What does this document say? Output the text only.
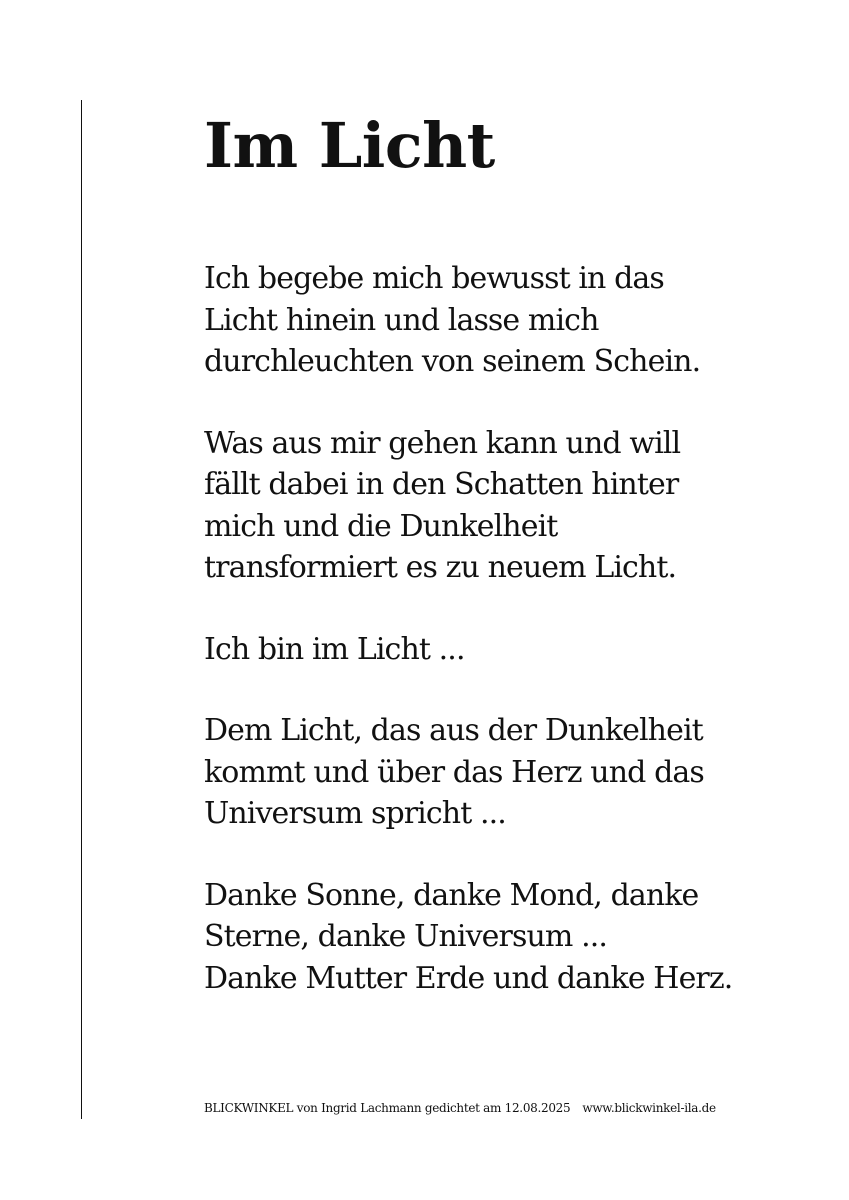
Im Licht

Ich begebe mich bewusst in das
Licht hinein und lasse mich
durchleuchten von seinem Schein.

Was aus mir gehen kann und will
fällt dabei in den Schatten hinter
mich und die Dunkelheit
transformiert es zu neuem Licht.

Ich bin im Licht ...

Dem Licht, das aus der Dunkelheit
kommt und über das Herz und das
Universum spricht ...

Danke Sonne, danke Mond, danke
Sterne, danke Universum ...
Danke Mutter Erde und danke Herz.

BLICKWINKEL von Ingrid Lachmann gedichtet am 12.08.2025 www.blickwinkel-ila.de
